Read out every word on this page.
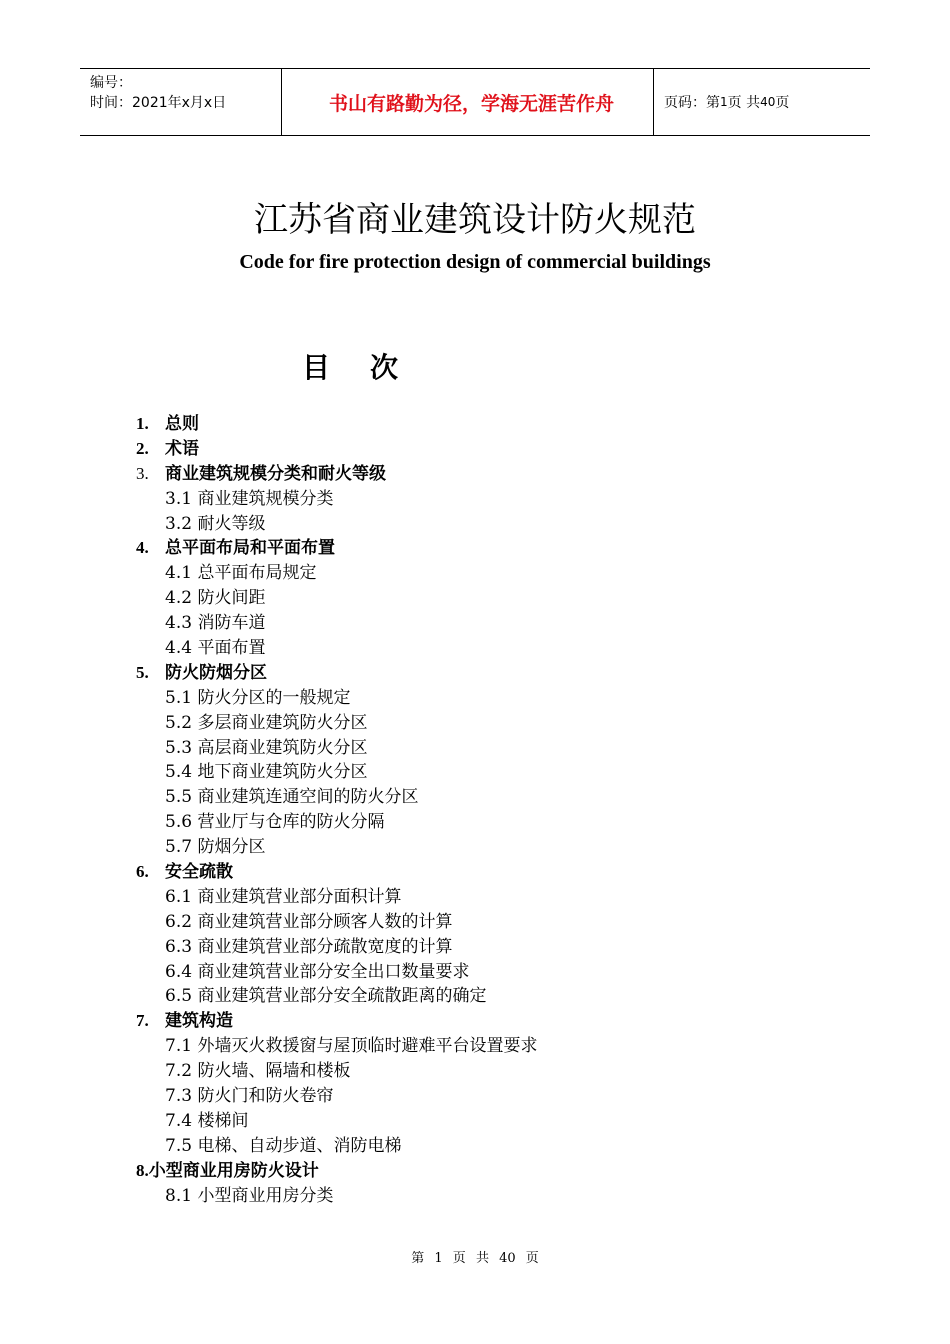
编号：
时间：2021年x月x日	书山有路勤为径，学海无涯苦作舟	页码：第 1 页 共 40 页
江苏省商业建筑设计防火规范
Code for fire protection design of commercial buildings
目 次
1. 总则
2. 术语
3. 商业建筑规模分类和耐火等级
3.1 商业建筑规模分类
3.2 耐火等级
4. 总平面布局和平面布置
4.1 总平面布局规定
4.2 防火间距
4.3 消防车道
4.4 平面布置
5. 防火防烟分区
5.1 防火分区的一般规定
5.2 多层商业建筑防火分区
5.3 高层商业建筑防火分区
5.4 地下商业建筑防火分区
5.5 商业建筑连通空间的防火分区
5.6 营业厅与仓库的防火分隔
5.7 防烟分区
6. 安全疏散
6.1 商业建筑营业部分面积计算
6.2 商业建筑营业部分顾客人数的计算
6.3 商业建筑营业部分疏散宽度的计算
6.4 商业建筑营业部分安全出口数量要求
6.5 商业建筑营业部分安全疏散距离的确定
7. 建筑构造
7.1 外墙灭火救援窗与屋顶临时避难平台设置要求
7.2 防火墙、隔墙和楼板
7.3 防火门和防火卷帘
7.4 楼梯间
7.5 电梯、自动步道、消防电梯
8.小型商业用房防火设计
8.1 小型商业用房分类
第 1 页 共 40 页
